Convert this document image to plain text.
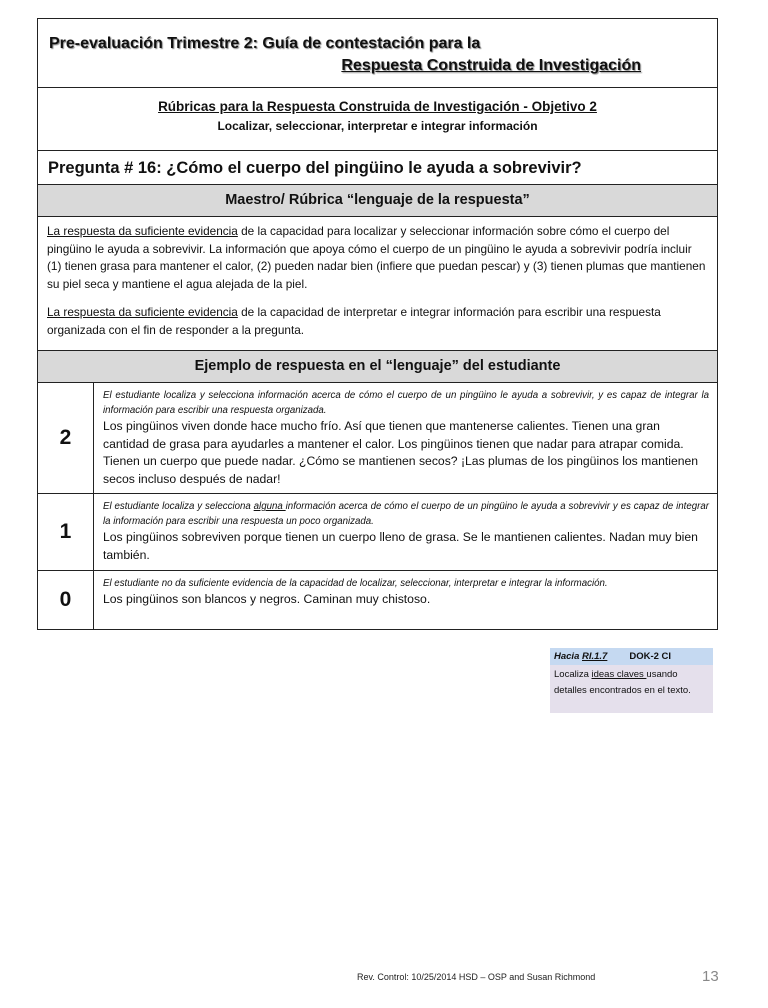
Pre-evaluación Trimestre 2: Guía de contestación para la
Respuesta Construida de Investigación
Rúbricas para la Respuesta Construida de Investigación - Objetivo 2
Localizar, seleccionar, interpretar e integrar información
Pregunta # 16: ¿Cómo el cuerpo del pingüino le ayuda a sobrevivir?
Maestro/ Rúbrica “lenguaje de la respuesta”

La respuesta da suficiente evidencia de la capacidad para localizar y seleccionar información sobre cómo el cuerpo del pingüino le ayuda a sobrevivir. La información que apoya cómo el cuerpo de un pingüino le ayuda a sobrevivir podría incluir (1) tienen grasa para mantener el calor, (2) pueden nadar bien (infiere que puedan pescar) y (3) tienen plumas que mantienen su piel seca y mantiene el agua alejada de la piel.

La respuesta da suficiente evidencia de la capacidad de interpretar e integrar información para escribir una respuesta organizada con el fin de responder a la pregunta.

Ejemplo de respuesta en el “lenguaje” del estudiante
2
El estudiante localiza y selecciona información acerca de cómo el cuerpo de un pingüino le ayuda a sobrevivir, y es capaz de integrar la información para escribir una respuesta organizada.
Los pingüinos viven donde hace mucho frío. Así que tienen que mantenerse calientes. Tienen una gran cantidad de grasa para ayudarles a mantener el calor. Los pingüinos tienen que nadar para atrapar comida. Tienen un cuerpo que puede nadar. ¿Cómo se mantienen secos? ¡Las plumas de los pingüinos los mantienen secos incluso después de nadar!
1
El estudiante localiza y selecciona alguna información acerca de cómo el cuerpo de un pingüino le ayuda a sobrevivir y es capaz de integrar la información para escribir una respuesta un poco organizada.
Los pingüinos sobreviven porque tienen un cuerpo lleno de grasa. Se le mantienen calientes. Nadan muy bien también.
0
El estudiante no da suficiente evidencia de la capacidad de localizar, seleccionar, interpretar e integrar la información.
Los pingüinos son blancos y negros. Caminan muy chistoso.
Hacia RI.1.7 DOK-2 CI
Localiza ideas claves usando detalles encontrados en el texto.
Rev. Control: 10/25/2014 HSD – OSP and Susan Richmond	13
